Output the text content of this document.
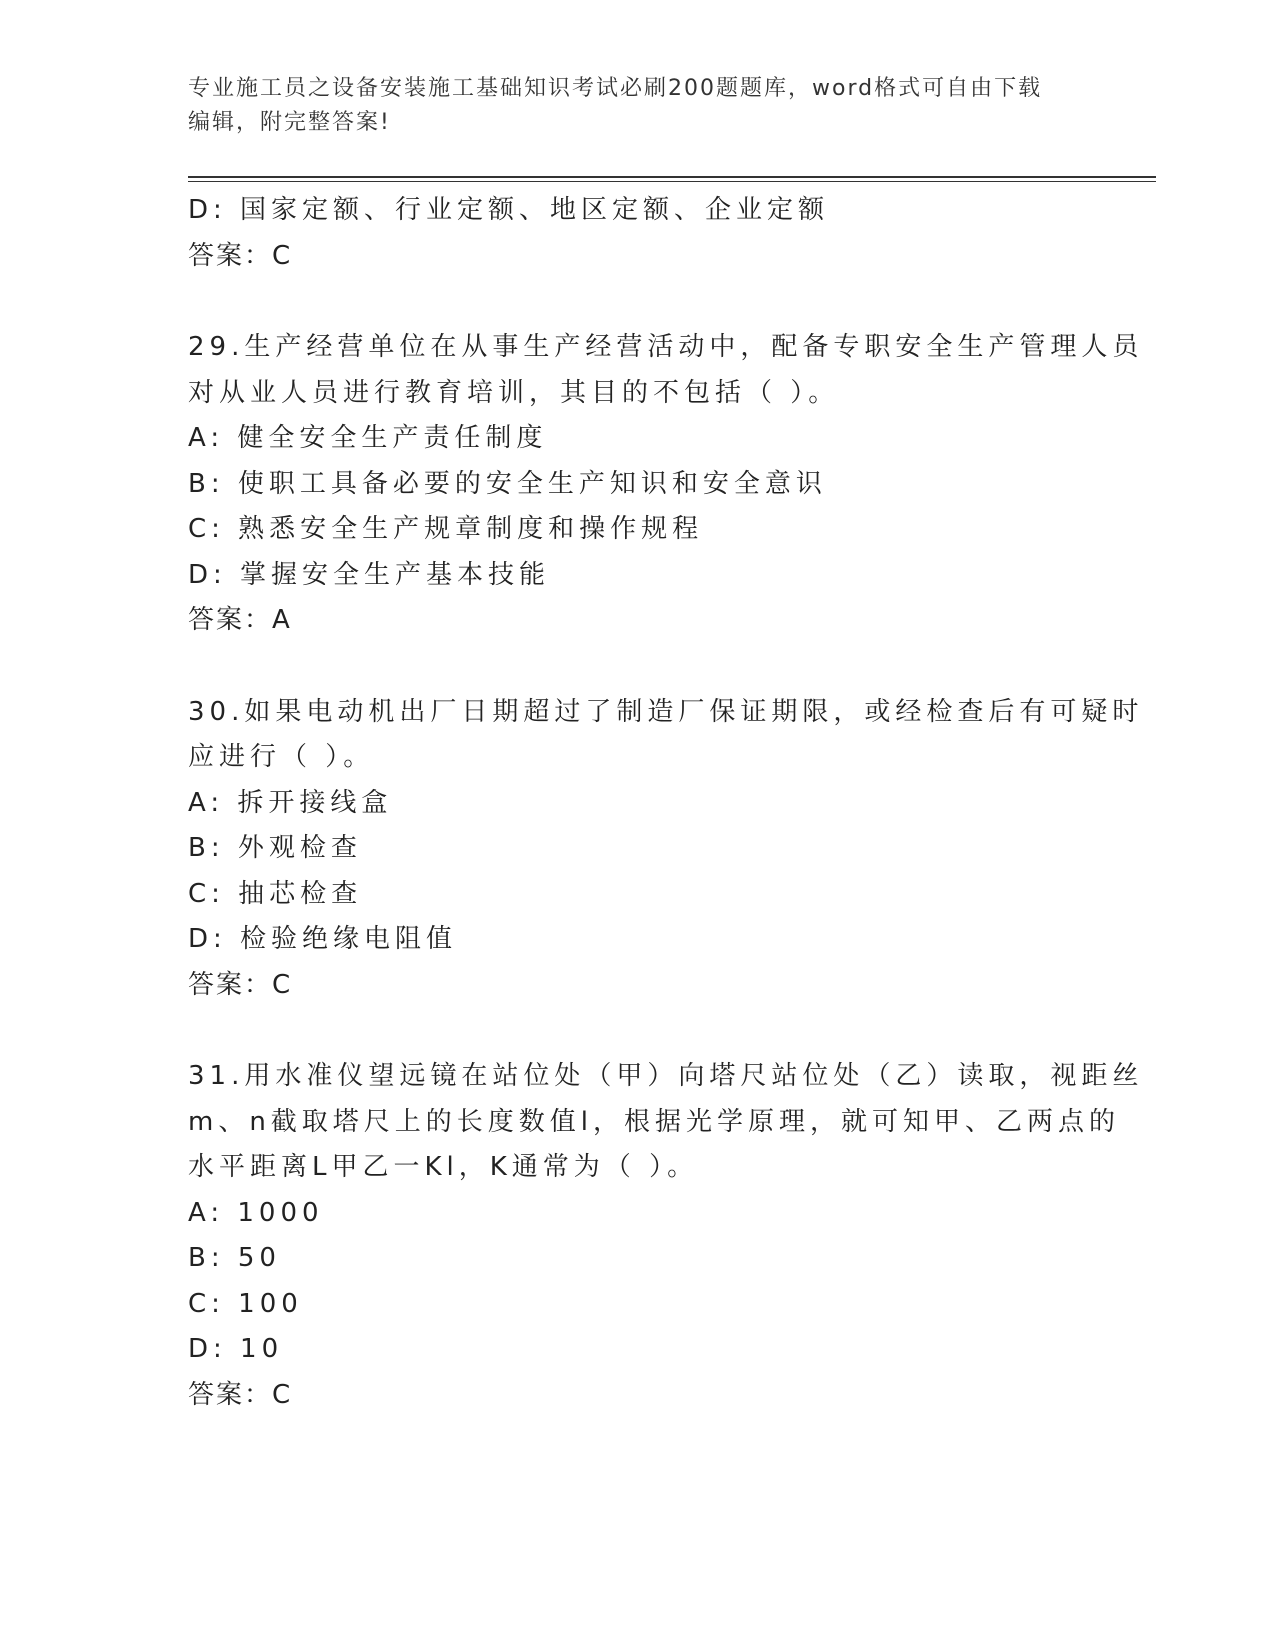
专业施工员之设备安装施工基础知识考试必刷200题题库，word格式可自由下载
编辑，附完整答案!
D: 国家定额、行业定额、地区定额、企业定额
答案：C
29.生产经营单位在从事生产经营活动中，配备专职安全生产管理人员
对从业人员进行教育培训，其目的不包括（ ）。
A: 健全安全生产责任制度
B: 使职工具备必要的安全生产知识和安全意识
C: 熟悉安全生产规章制度和操作规程
D: 掌握安全生产基本技能
答案：A
30.如果电动机出厂日期超过了制造厂保证期限，或经检查后有可疑时
应进行（ ）。
A: 拆开接线盒
B: 外观检查
C: 抽芯检查
D: 检验绝缘电阻值
答案：C
31.用水准仪望远镜在站位处（甲）向塔尺站位处（乙）读取，视距丝
m、n截取塔尺上的长度数值l，根据光学原理，就可知甲、乙两点的
水平距离L甲乙一Kl，K通常为（ ）。
A: 1000
B: 50
C: 100
D: 10
答案：C
